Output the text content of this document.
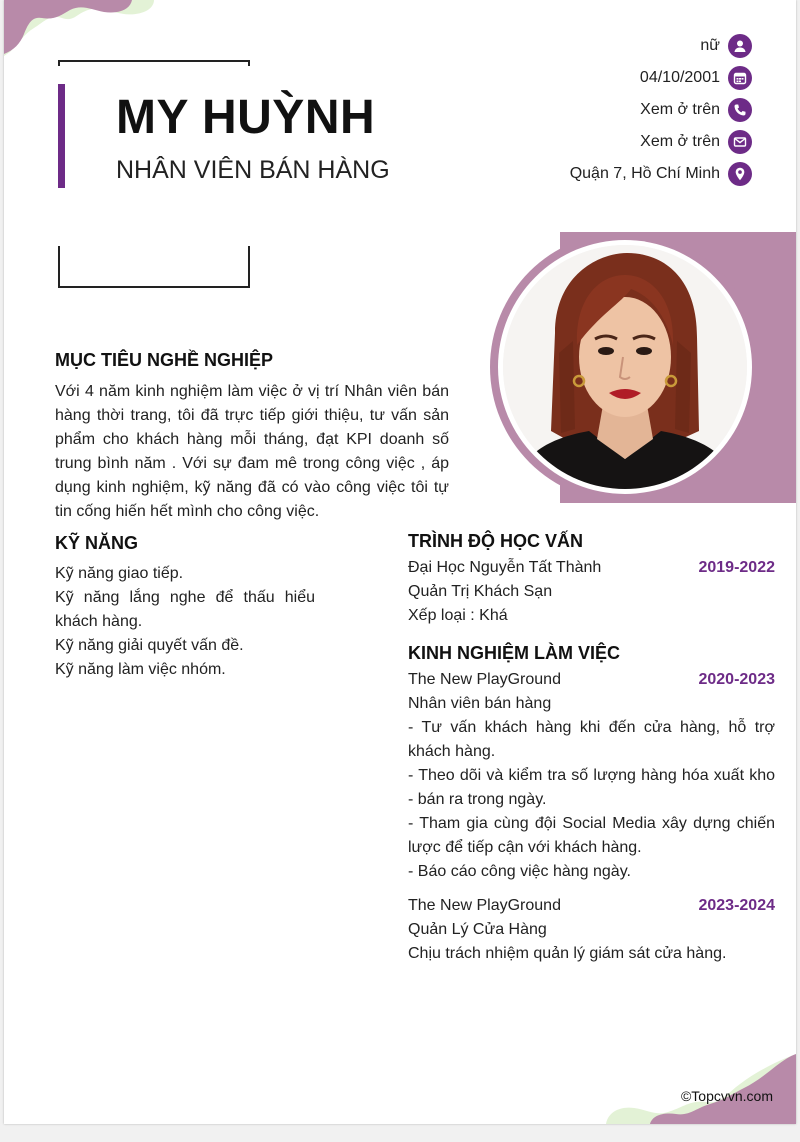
MY HUỲNH
NHÂN VIÊN BÁN HÀNG
nữ
04/10/2001
Xem ở trên
Xem ở trên
Quận 7, Hồ Chí Minh
MỤC TIÊU NGHỀ NGHIỆP
Với 4 năm kinh nghiệm làm việc ở vị trí Nhân viên bán hàng thời trang, tôi đã trực tiếp giới thiệu, tư vấn sản phẩm cho khách hàng mỗi tháng, đạt KPI doanh số trung bình năm . Với sự đam mê trong công việc , áp dụng kinh nghiệm, kỹ năng đã có vào công việc tôi tự tin cống hiến hết mình cho công việc.
KỸ NĂNG
Kỹ năng giao tiếp.
Kỹ năng lắng nghe để thấu hiểu khách hàng.
Kỹ năng giải quyết vấn đề.
Kỹ năng làm việc nhóm.
TRÌNH ĐỘ HỌC VẤN
Đại Học Nguyễn Tất Thành	2019-2022
Quản Trị Khách Sạn
Xếp loại : Khá
KINH NGHIỆM LÀM VIỆC
The New PlayGround	2020-2023
Nhân viên bán hàng
- Tư vấn khách hàng khi đến cửa hàng, hỗ trợ khách hàng.
- Theo dõi và kiểm tra số lượng hàng hóa xuất kho - bán ra trong ngày.
- Tham gia cùng đội Social Media xây dựng chiến lược để tiếp cận với khách hàng.
- Báo cáo công việc hàng ngày.
The New PlayGround	2023-2024
Quản Lý Cửa Hàng
Chịu trách nhiệm quản lý giám sát cửa hàng.
©Topcvvn.com
